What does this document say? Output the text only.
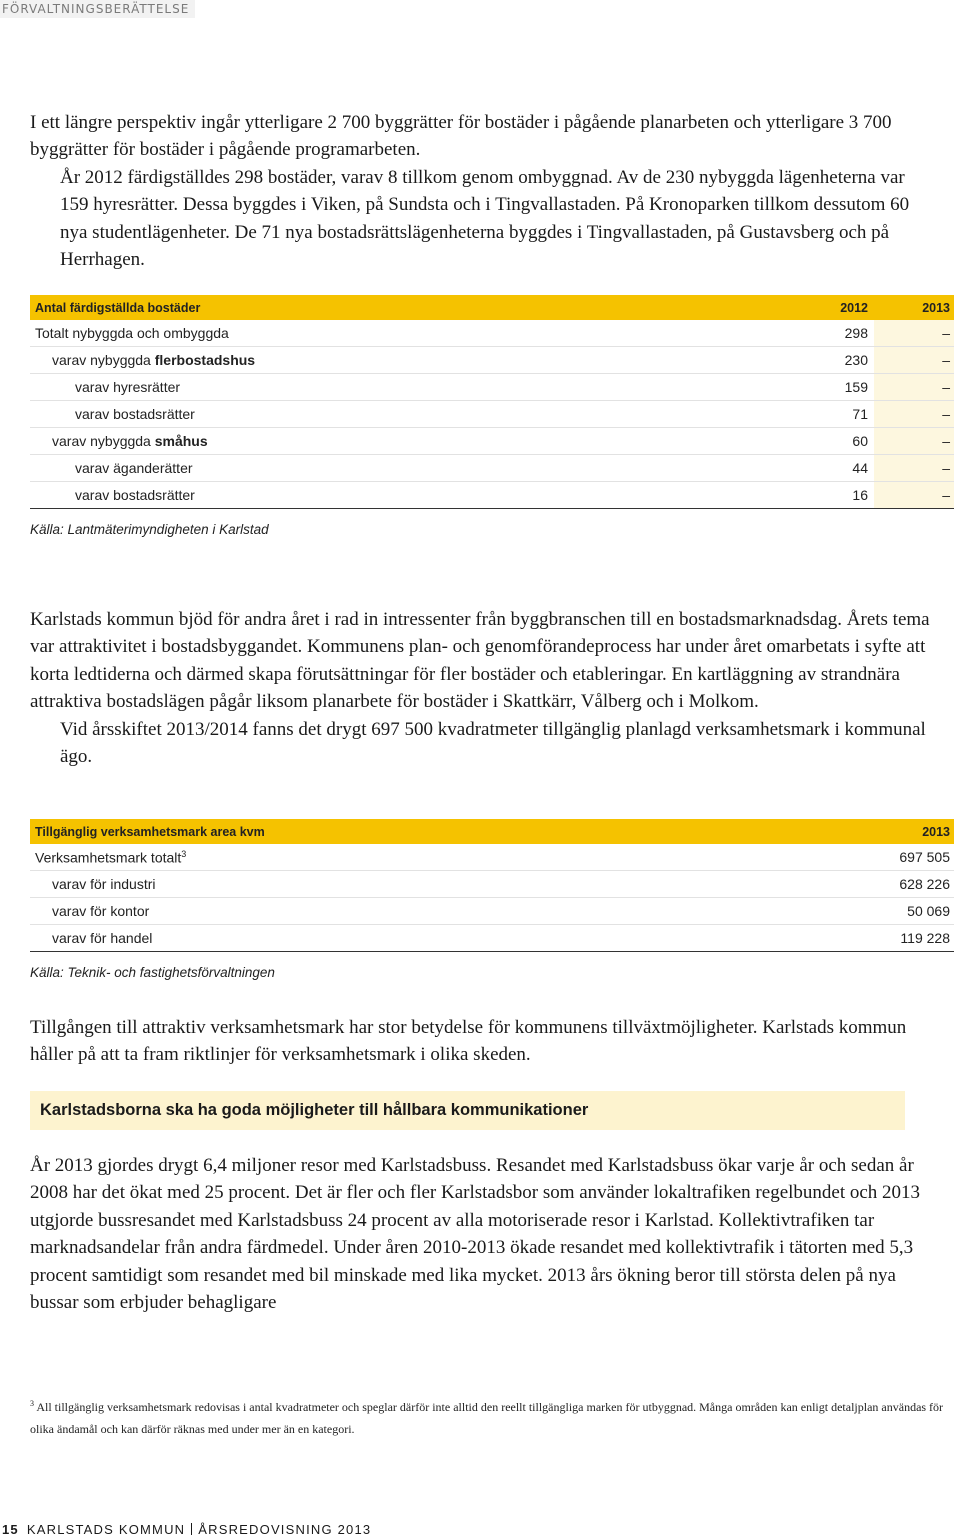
FÖRVALTNINGSBERÄTTELSE
I ett längre perspektiv ingår ytterligare 2 700 byggrätter för bostäder i pågående planarbeten och ytterligare 3 700 byggrätter för bostäder i pågående programarbeten.
År 2012 färdigställdes 298 bostäder, varav 8 tillkom genom ombyggnad. Av de 230 nybyggda lägenheterna var 159 hyresrätter. Dessa byggdes i Viken, på Sundsta och i Tingvallastaden. På Kronoparken tillkom dessutom 60 nya studentlägenheter. De 71 nya bostadsrättslägenheterna byggdes i Tingvallastaden, på Gustavsberg och på Herrhagen.
Antal färdigställda bostäder	2012	2013
Totalt nybyggda och ombyggda	298	–
varav nybyggda flerbostadshus	230	–
varav hyresrätter	159	–
varav bostadsrätter	71	–
varav nybyggda småhus	60	–
varav äganderätter	44	–
varav bostadsrätter	16	–
Källa: Lantmäterimyndigheten i Karlstad
Karlstads kommun bjöd för andra året i rad in intressenter från byggbranschen till en bostadsmarknadsdag. Årets tema var attraktivitet i bostadsbyggandet. Kommunens plan- och genomförandeprocess har under året omarbetats i syfte att korta ledtiderna och därmed skapa förutsättningar för fler bostäder och etableringar. En kartläggning av strandnära attraktiva bostadslägen pågår liksom planarbete för bostäder i Skattkärr, Vålberg och i Molkom.
Vid årsskiftet 2013/2014 fanns det drygt 697 500 kvadratmeter tillgänglig planlagd verksamhetsmark i kommunal ägo.
Tillgänglig verksamhetsmark area kvm	2013
Verksamhetsmark totalt$^3$	697 505
varav för industri	628 226
varav för kontor	50 069
varav för handel	119 228
Källa: Teknik- och fastighetsförvaltningen
Tillgången till attraktiv verksamhetsmark har stor betydelse för kommunens tillväxtmöjligheter. Karlstads kommun håller på att ta fram riktlinjer för verksamhetsmark i olika skeden.
Karlstadsborna ska ha goda möjligheter till hållbara kommunikationer
År 2013 gjordes drygt 6,4 miljoner resor med Karlstadsbuss. Resandet med Karlstadsbuss ökar varje år och sedan år 2008 har det ökat med 25 procent. Det är fler och fler Karlstadsbor som använder lokaltrafiken regelbundet och 2013 utgjorde bussresandet med Karlstadsbuss 24 procent av alla motoriserade resor i Karlstad. Kollektivtrafiken tar marknadsandelar från andra färdmedel. Under åren 2010-2013 ökade resandet med kollektivtrafik i tätorten med 5,3 procent samtidigt som resandet med bil minskade med lika mycket. 2013 års ökning beror till största delen på nya bussar som erbjuder behagligare
$^3$ All tillgänglig verksamhetsmark redovisas i antal kvadratmeter och speglar därför inte alltid den reellt tillgängliga marken för utbyggnad. Många områden kan enligt detaljplan användas för olika ändamål och kan därför räknas med under mer än en kategori.
15 KARLSTADS KOMMUN ÅRSREDOVISNING 2013
